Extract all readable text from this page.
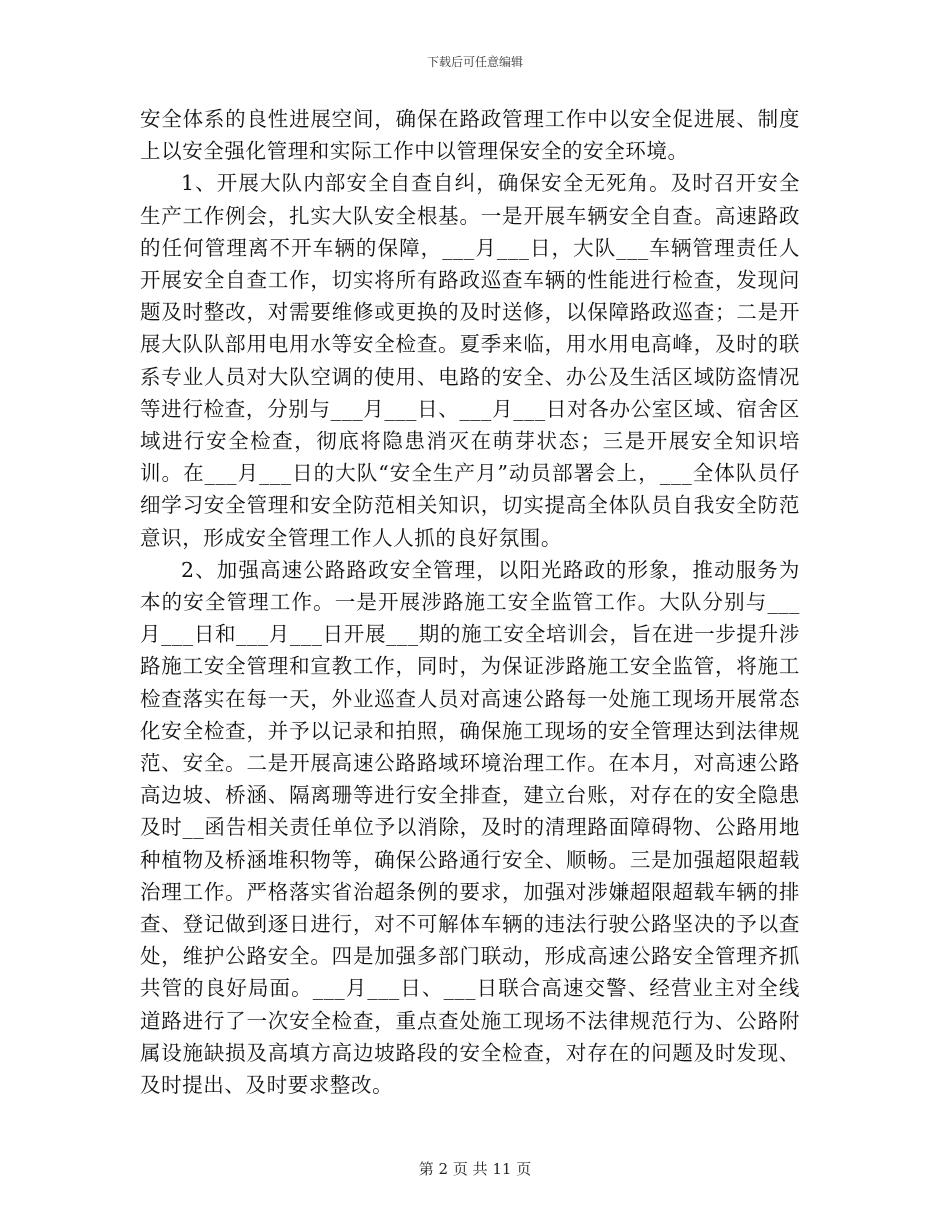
下载后可任意编辑

安全体系的良性进展空间，确保在路政管理工作中以安全促进展、制度上以安全强化管理和实际工作中以管理保安全的安全环境。

1、开展大队内部安全自查自纠，确保安全无死角。及时召开安全生产工作例会，扎实大队安全根基。一是开展车辆安全自查。高速路政的任何管理离不开车辆的保障，___月___日，大队___车辆管理责任人开展安全自查工作，切实将所有路政巡查车辆的性能进行检查，发现问题及时整改，对需要维修或更换的及时送修，以保障路政巡查；二是开展大队队部用电用水等安全检查。夏季来临，用水用电高峰，及时的联系专业人员对大队空调的使用、电路的安全、办公及生活区域防盗情况等进行检查，分别与___月___日、___月___日对各办公室区域、宿舍区域进行安全检查，彻底将隐患消灭在萌芽状态；三是开展安全知识培训。在___月___日的大队“安全生产月”动员部署会上，___全体队员仔细学习安全管理和安全防范相关知识，切实提高全体队员自我安全防范意识，形成安全管理工作人人抓的良好氛围。

2、加强高速公路路政安全管理，以阳光路政的形象，推动服务为本的安全管理工作。一是开展涉路施工安全监管工作。大队分别与___月___日和___月___日开展___期的施工安全培训会，旨在进一步提升涉路施工安全管理和宣教工作，同时，为保证涉路施工安全监管，将施工检查落实在每一天，外业巡查人员对高速公路每一处施工现场开展常态化安全检查，并予以记录和拍照，确保施工现场的安全管理达到法律规范、安全。二是开展高速公路路域环境治理工作。在本月，对高速公路高边坡、桥涵、隔离珊等进行安全排查，建立台账，对存在的安全隐患及时__函告相关责任单位予以消除，及时的清理路面障碍物、公路用地种植物及桥涵堆积物等，确保公路通行安全、顺畅。三是加强超限超载治理工作。严格落实省治超条例的要求，加强对涉嫌超限超载车辆的排查、登记做到逐日进行，对不可解体车辆的违法行驶公路坚决的予以查处，维护公路安全。四是加强多部门联动，形成高速公路安全管理齐抓共管的良好局面。___月___日、___日联合高速交警、经营业主对全线道路进行了一次安全检查，重点查处施工现场不法律规范行为、公路附属设施缺损及高填方高边坡路段的安全检查，对存在的问题及时发现、及时提出、及时要求整改。

第 2 页 共 11 页
